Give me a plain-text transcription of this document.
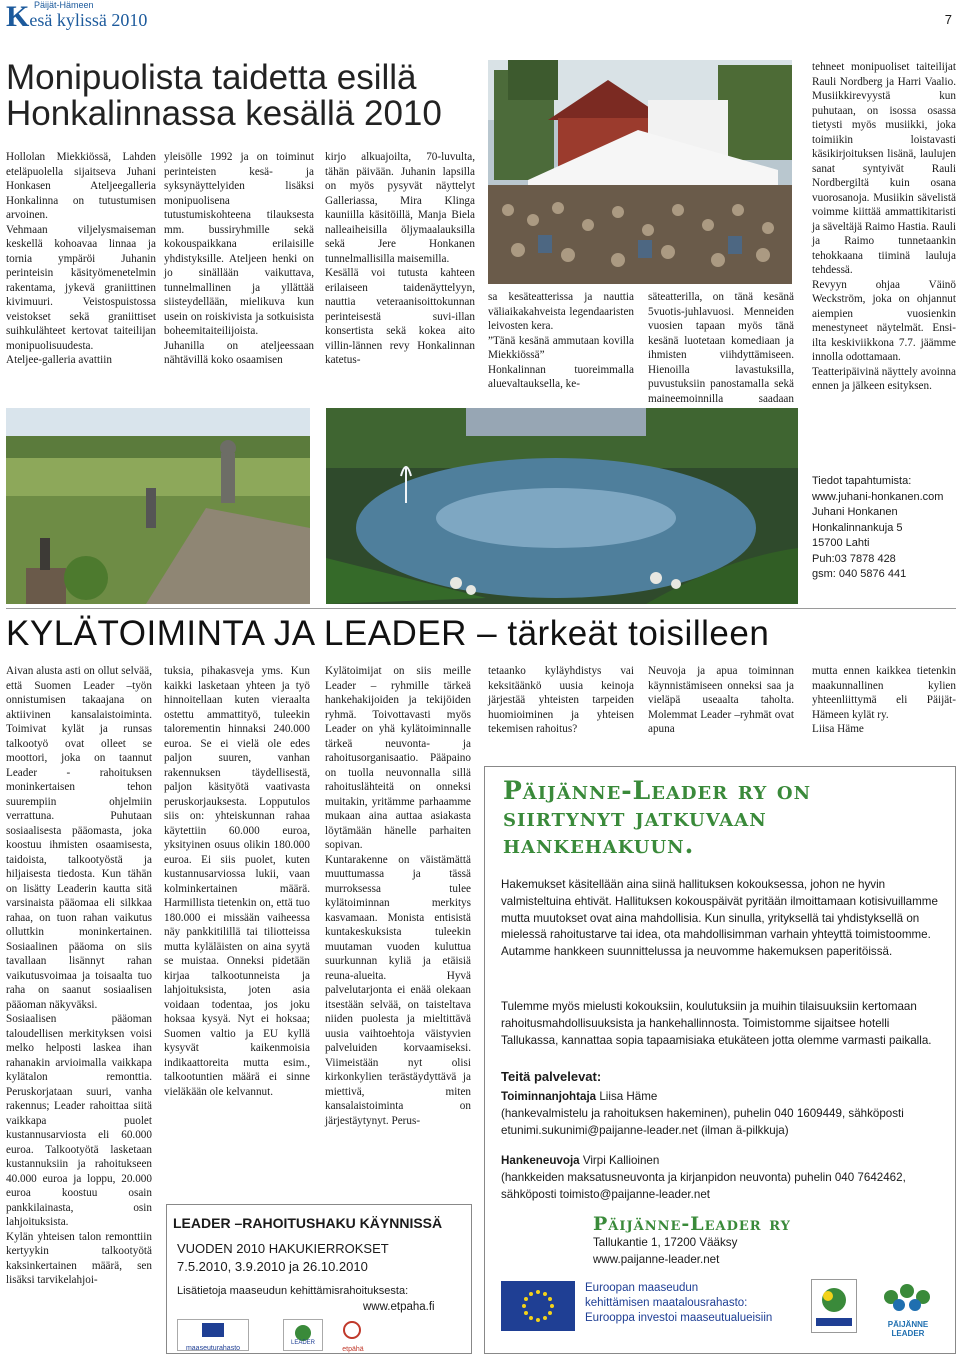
Päijät-Hämeen
Kesä kylissä 2010	7
Monipuolista taidetta esillä Honkalinnassa kesällä 2010

Hollolan Miekkiössä, Lahden eteläpuolella sijaitseva Juhani Honkasen Ateljeegalleria Honkalinna on tutustumisen arvoinen.
Vehmaan viljelysmaiseman keskellä kohoavaa linnaa ja tornia ympäröi Juhanin perinteisin käsityömenetelmin rakentama, jykevä graniittinen kivimuuri. Veistospuistossa veistokset sekä graniittiset suihkulähteet kertovat taiteilijan monipuolisuudesta.
Ateljee-galleria avattiin

yleisölle 1992 ja on toiminut perinteisten kesä- ja syksynäyttelyiden lisäksi monipuolisena tutustumiskohteena tilauksesta mm. bussiryhmille sekä kokouspaikkana erilaisille yhdistyksille. Ateljeen henki on jo sinällään vaikuttava, tunnelmallinen ja yllättää siisteydellään, mielikuva kun usein on roiskivista ja sotkuisista boheemitaiteilijoista.
Juhanilla on ateljeessaan nähtävillä koko osaamisen

kirjo alkuajoilta, 70-luvulta, tähän päivään. Juhanin lapsilla on myös pysyvät näyttelyt Galleriassa, Mira Klinga kauniilla käsitöillä, Manja Biela nalleaiheisilla öljymaalauksilla sekä Jere Honkanen tunnelmallisilla maisemilla.
Kesällä voi tutusta kahteen erilaiseen taidenäyttelyyn, nauttia veteraanisoittokunnan perinteisestä suvi-illan konsertista sekä kokea aito villin-lännen revy Honkalinnan katetus-

sa kesäteatterissa ja nauttia väliaikakahveista legendaaristen leivosten kera.
”Tänä kesänä ammutaan kovilla Miekkiössä”
Honkalinnan tuoreimmalla aluevaltauksella, ke-

säteatterilla, on tänä kesänä 5vuotis-juhlavuosi. Menneiden vuosien tapaan myös tänä kesänä luotetaan komediaan ja ihmisten viihdyttämiseen. Hienoilla lavastuksilla, puvustuksiin panostamalla sekä maineemoinnilla saadaan

tehneet monipuoliset taiteilijat Rauli Nordberg ja Harri Vaalio. Musiikkirevyystä kun puhutaan, on isossa osassa tietysti myös musiikki, joka toimiikin loistavasti käsikirjoituksen lisänä, laulujen sanat syntyivät Rauli Nordbergiltä kuin osana vuorosanoja. Musiikin sävelistä voimme kiittää ammattikitaristi ja säveltäjä Raimo Hastia. Rauli ja Raimo tunnetaankin tehokkaana tiiminä lauluja tehdessä.
Revyyn ohjaa Väinö Weckström, joka on ohjannut aiempien vuosienkin menestyneet näytelmät. Ensi-ilta keskiviikkona 7.7. jäämme innolla odottamaan.
Teatteripäivinä näyttely avoinna ennen ja jälkeen esityksen.

Tiedot tapahtumista:
www.juhani-honkanen.com
Juhani Honkanen
Honkalinnankuja 5
15700 Lahti
Puh:03 7878 428
gsm: 040 5876 441
KYLÄTOIMINTA JA LEADER – tärkeät toisilleen

Aivan alusta asti on ollut selvää, että Suomen Leader –työn onnistumisen takaajana on aktiivinen kansalaistoiminta. Toimivat kylät ja runsas talkootyö ovat olleet se moottori, joka on taannut Leader - rahoituksen moninkertaisen tehon suurempiin ohjelmiin verrattuna. Puhutaan sosiaalisesta pääomasta, joka koostuu ihmisten osaamisesta, taidoista, talkootyöstä ja hiljaisesta tiedosta. Kun tähän on lisätty Leaderin kautta sitä varsinaista pääomaa eli silkkaa rahaa, on tuon rahan vaikutus olluttkin moninkertainen. Sosiaalinen pääoma on siis tavallaan lisännyt rahan vaikutusvoimaa ja toisaalta tuo raha on saanut sosiaalisen pääoman näkyväksi.
Sosiaalisen pääoman taloudellisen merkityksen voisi melko helposti laskea ihan rahanakin arvioimalla vaikkapa kylätalon remonttia. Peruskorjataan suuri, vanha rakennus; Leader rahoittaa siitä vaikkapa puolet kustannusarviosta eli 60.000 euroa. Talkootyötä lasketaan kustannuksiin ja rahoitukseen 40.000 euroa ja loppu, 20.000 euroa koostuu osain pankkilainasta, osin lahjoituksista.
Kylän yhteisen talon remonttiin kertyykin talkootyötä kaksinkertainen määrä, sen lisäksi tarvikelahjoi-

tuksia, pihakasveja yms. Kun kaikki lasketaan yhteen ja työ hinnoitellaan kuten vieraalta ostettu ammattityö, tuleekin talorementin hinnaksi 240.000 euroa. Se ei vielä ole edes paljon suuren, vanhan rakennuksen täydellisestä, paljon käsityötä vaativasta peruskorjauksesta. Lopputulos siis on: yhteiskunnan rahaa käytettiin 60.000 euroa, yksityinen osuus olikin 180.000 euroa. Ei siis puolet, kuten kustannusarviossa lukii, vaan kolminkertainen määrä. Harmillista tietenkin on, että tuo 180.000 ei missään vaiheessa näy pankkitilillä tai tiliotteissa mutta kyläläisten on aina syytä se muistaa. Onneksi pidetään kirjaa talkootunneista ja lahjoituksista, joten asia voidaan todentaa, jos joku hoksaa kysyä. Nyt ei hoksaa; Suomen valtio ja EU kyllä kysyvät kaikenmoisia indikaattoreita mutta esim., talkootuntien määrä ei sinne vieläkään ole kelvannut.

Kylätoimijat on siis meille Leader – ryhmille tärkeä hankehakijoiden ja tekijöiden ryhmä. Toivottavasti myös Leader on yhä kylätoiminnalle tärkeä neuvonta- ja rahoitusorganisaatio. Pääpaino on tuolla neuvonnalla sillä rahoituslähteitä on onneksi muitakin, yritämme parhaamme mukaan aina auttaa asiakasta löytämään hänelle parhaiten sopivan.
Kuntarakenne on väistämättä muuttumassa ja tässä murroksessa tulee kylätoiminnan merkitys kasvamaan. Monista entisistä kuntakeskuksista tuleekin muutaman vuoden kuluttua suurkunnan kyliä ja etäisiä reuna-alueita. Hyvä palvelutarjonta ei enää olekaan itsestään selvää, on taisteltava niiden puolesta ja mieltittävä uusia vaihtoehtoja väistyvien palveluiden korvaamiseksi. Viimeistään nyt olisi kirkonkylien terästäydyttävä ja miettivä, miten kansalaistoiminta on järjestäytynyt. Perus-

tetaanko kyläyhdistys vai keksitäänkö uusia keinoja järjestää yhteisten tarpeiden huomioiminen ja yhteisen tekemisen rahoitus?

Neuvoja ja apua toiminnan käynnistämiseen onneksi saa ja vieläpä useaalta taholta. Molemmat Leader –ryhmät ovat apuna

mutta ennen kaikkea tietenkin maakunnallinen kylien yhteenliittymä eli Päijät-Hämeen kylät ry.
Liisa Häme

Päijänne-Leader ry on siirtynyt jatkuvaan hankehakuun.

Hakemukset käsitellään aina siinä hallituksen kokouksessa, johon ne hyvin valmisteltuina ehtivät. Hallituksen kokouspäivät pyritään ilmoittamaan kotisivuillamme mutta muutokset ovat aina mahdollisia. Kun sinulla, yrityksellä tai yhdistyksellä on mielessä rahoitustarve tai idea, ota mahdollisimman varhain yhteyttä toimistoomme. Autamme hankkeen suunnittelussa ja neuvomme hakemuksen paperitöissä.

Tulemme myös mielusti kokouksiin, koulutuksiin ja muihin tilaisuuksiin kertomaan rahoitusmahdollisuuksista ja hankehallinnosta. Toimistomme sijaitsee hotelli Tallukassa, kannattaa sopia tapaamisiaka etukäteen jotta olemme varmasti paikalla.

Teitä palvelevat:

Toiminnanjohtaja Liisa Häme

(hankevalmistelu ja rahoituksen hakeminen), puhelin 040 1609449, sähköposti etunimi.sukunimi@paijanne-leader.net (ilman ä-pilkkuja)

Hankeneuvoja Virpi Kallioinen

(hankkeiden maksatusneuvonta ja kirjanpidon neuvonta) puhelin 040 7642462, sähköposti toimisto@paijanne-leader.net

Päijänne-Leader ry
Tallukantie 1, 17200 Vääksy
www.paijanne-leader.net
Euroopan maaseudun
kehittämisen maatalousrahasto:
Eurooppa investoi maaseutualueisiin
PÄIJÄNNE LEADER
LEADER –RAHOITUSHAKU KÄYNNISSÄ
VUODEN 2010 HAKUKIERROKSET
7.5.2010, 3.9.2010 ja 26.10.2010
Lisätietoja maaseudun kehittämisrahoituksesta:
www.etpaha.fi
maaseuturahasto
LEADER
etpähä
